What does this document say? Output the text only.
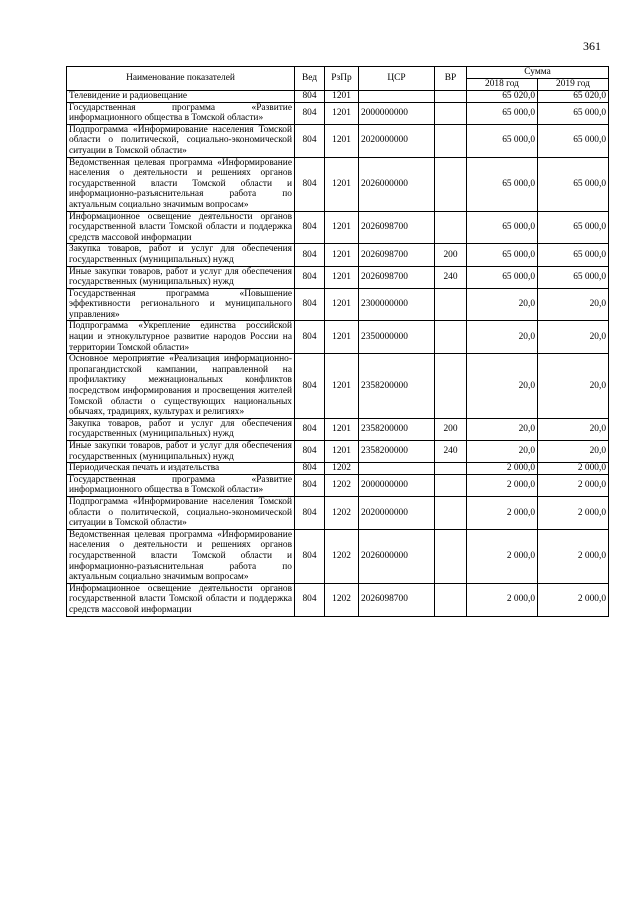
361
Наименование показателей	Вед	РзПр	ЦСР	ВР	Сумма	
					2018 год	2019 год
Телевидение и радиовещание	804	1201			65 020,0	65 020,0
Государственная программа «Развитие информационного общества в Томской области»	804	1201	2000000000		65 000,0	65 000,0
Подпрограмма «Информирование населения Томской области о политической, социально-экономической ситуации в Томской области»	804	1201	2020000000		65 000,0	65 000,0
Ведомственная целевая программа «Информирование населения о деятельности и решениях органов государственной власти Томской области и информационно-разъяснительная работа по актуальным социально значимым вопросам»	804	1201	2026000000		65 000,0	65 000,0
Информационное освещение деятельности органов государственной власти Томской области и поддержка средств массовой информации	804	1201	2026098700		65 000,0	65 000,0
Закупка товаров, работ и услуг для обеспечения государственных (муниципальных) нужд	804	1201	2026098700	200	65 000,0	65 000,0
Иные закупки товаров, работ и услуг для обеспечения государственных (муниципальных) нужд	804	1201	2026098700	240	65 000,0	65 000,0
Государственная программа «Повышение эффективности регионального и муниципального управления»	804	1201	2300000000		20,0	20,0
Подпрограмма «Укрепление единства российской нации и этнокультурное развитие народов России на территории Томской области»	804	1201	2350000000		20,0	20,0
Основное мероприятие «Реализация информационно-пропагандистской кампании, направленной на профилактику межнациональных конфликтов посредством информирования и просвещения жителей Томской области о существующих национальных обычаях, традициях, культурах и религиях»	804	1201	2358200000		20,0	20,0
Закупка товаров, работ и услуг для обеспечения государственных (муниципальных) нужд	804	1201	2358200000	200	20,0	20,0
Иные закупки товаров, работ и услуг для обеспечения государственных (муниципальных) нужд	804	1201	2358200000	240	20,0	20,0
Периодическая печать и издательства	804	1202			2 000,0	2 000,0
Государственная программа «Развитие информационного общества в Томской области»	804	1202	2000000000		2 000,0	2 000,0
Подпрограмма «Информирование населения Томской области о политической, социально-экономической ситуации в Томской области»	804	1202	2020000000		2 000,0	2 000,0
Ведомственная целевая программа «Информирование населения о деятельности и решениях органов государственной власти Томской области и информационно-разъяснительная работа по актуальным социально значимым вопросам»	804	1202	2026000000		2 000,0	2 000,0
Информационное освещение деятельности органов государственной власти Томской области и поддержка средств массовой информации	804	1202	2026098700		2 000,0	2 000,0
